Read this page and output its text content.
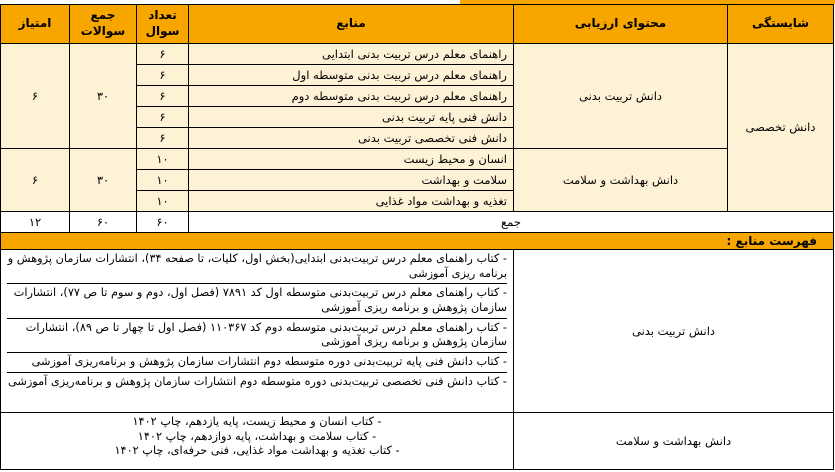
شایستگی	محتوای ارزیابی	منابع	تعداد سوال	جمع سوالات	امتیاز
دانش تخصصی	دانش تربیت بدنی	راهنمای معلم درس تربیت بدنی ابتدایی	۶	۳۰	۶
		راهنمای معلم درس تربیت بدنی متوسطه اول	۶		
		راهنمای معلم درس تربیت بدنی متوسطه دوم	۶		
		دانش فنی پایه تربیت بدنی	۶		
		دانش فنی تخصصی تربیت بدنی	۶		
	دانش بهداشت و سلامت	انسان و محیط زیست	۱۰	۳۰	۶
		سلامت و بهداشت	۱۰		
		تغذیه و بهداشت مواد غذایی	۱۰		
جمع			۶۰	۶۰	۱۲
فهرست منابع :					
دانش تربیت بدنی		- کتاب راهنمای معلم درس تربیت‌بدنی ابتدایی(بخش اول، کلیات، تا صفحه ۳۴)، انتشارات سازمان پژوهش و برنامه ریزی آموزشی
- کتاب راهنمای معلم درس تربیت‌بدنی متوسطه اول کد ۷۸۹۱ (فصل اول، دوم و سوم تا ص ۷۷)، انتشارات سازمان پژوهش و برنامه ریزی آموزشی
- کتاب راهنمای معلم درس تربیت‌بدنی متوسطه دوم کد ۱۱۰۳۶۷ (فصل اول تا چهار تا ص ۸۹)، انتشارات سازمان پژوهش و برنامه ریزی آموزشی
- کتاب دانش فنی پایه تربیت‌بدنی دوره متوسطه دوم انتشارات سازمان پژوهش و برنامه‌ریزی آموزشی
- کتاب دانش فنی تخصصی تربیت‌بدنی دوره متوسطه دوم انتشارات سازمان پژوهش و برنامه‌ریزی آموزشی			

دانش بهداشت و سلامت		- کتاب انسان و محیط زیست، پایه یازدهم، چاپ ۱۴۰۲
- کتاب سلامت و بهداشت، پایه دوازدهم، چاپ ۱۴۰۲
- کتاب تغذیه و بهداشت مواد غذایی، فنی حرفه‌ای، چاپ ۱۴۰۲			
